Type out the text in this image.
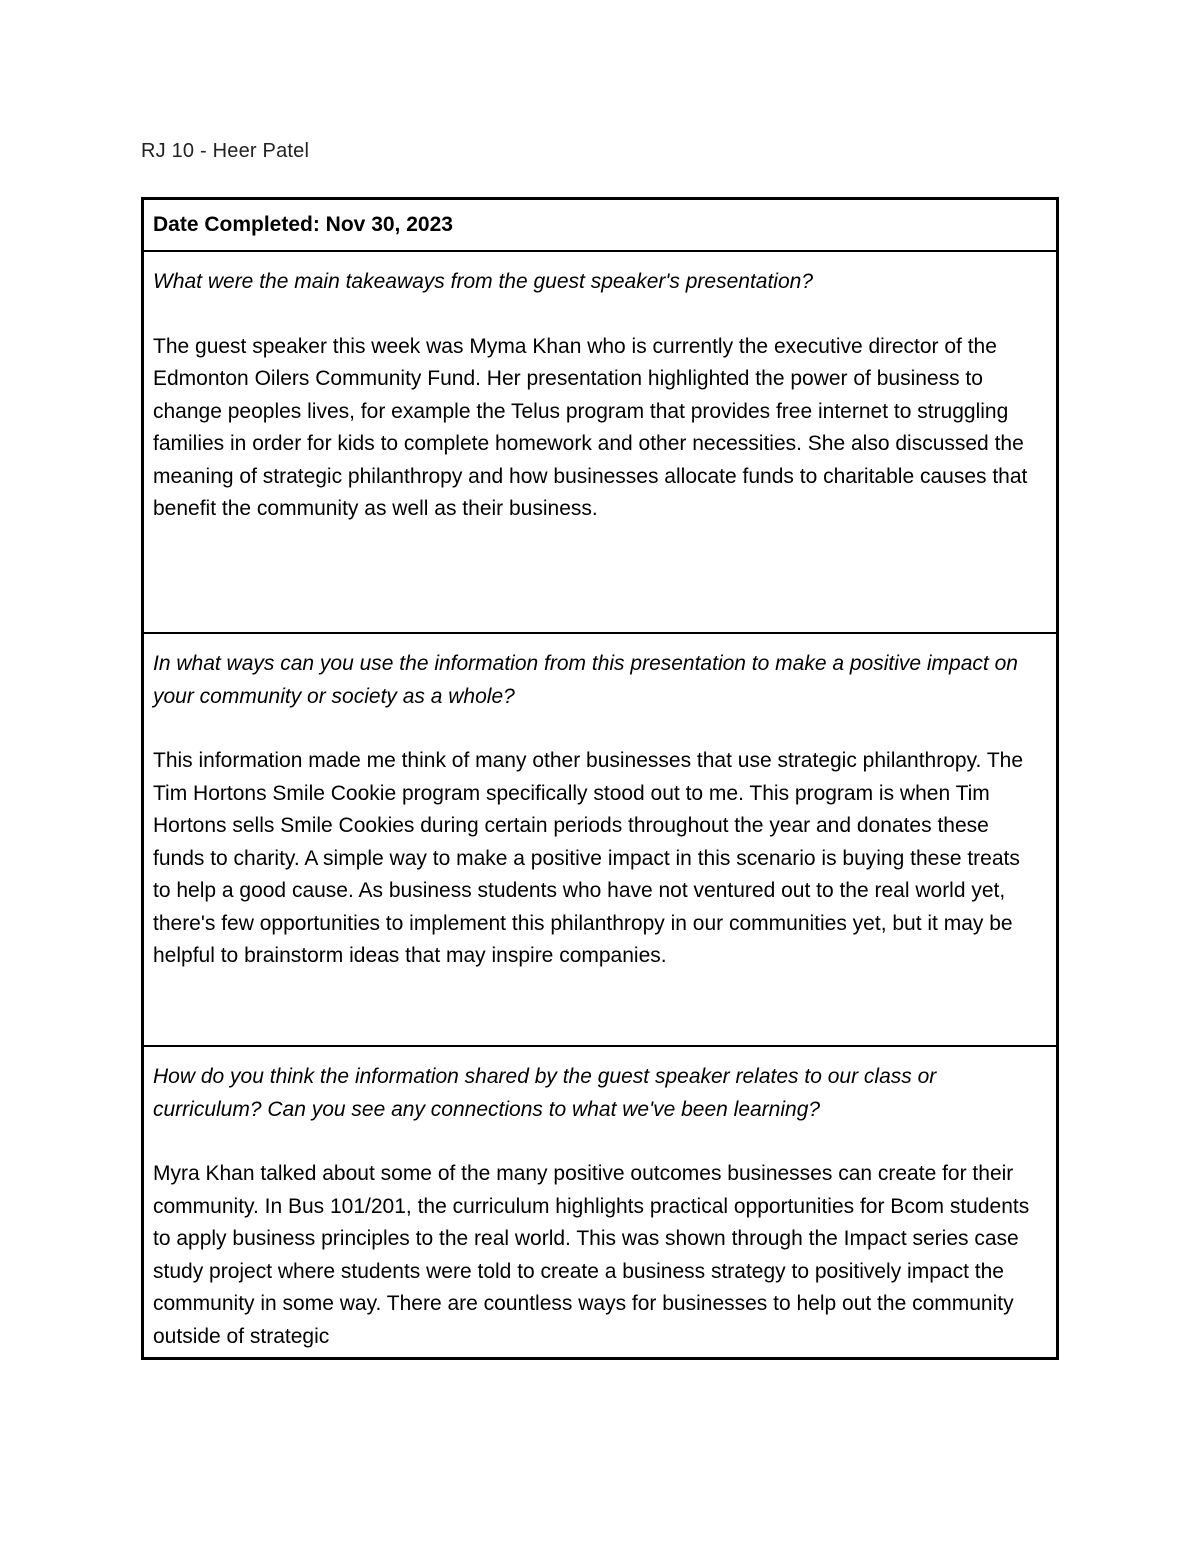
RJ 10 - Heer Patel
Date Completed: Nov 30, 2023

What were the main takeaways from the guest speaker's presentation?

The guest speaker this week was Myma Khan who is currently the executive director of the Edmonton Oilers Community Fund. Her presentation highlighted the power of business to change peoples lives, for example the Telus program that provides free internet to struggling families in order for kids to complete homework and other necessities. She also discussed the meaning of strategic philanthropy and how businesses allocate funds to charitable causes that benefit the community as well as their business.

In what ways can you use the information from this presentation to make a positive impact on your community or society as a whole?

This information made me think of many other businesses that use strategic philanthropy. The Tim Hortons Smile Cookie program specifically stood out to me. This program is when Tim Hortons sells Smile Cookies during certain periods throughout the year and donates these funds to charity. A simple way to make a positive impact in this scenario is buying these treats to help a good cause. As business students who have not ventured out to the real world yet, there's few opportunities to implement this philanthropy in our communities yet, but it may be helpful to brainstorm ideas that may inspire companies.

How do you think the information shared by the guest speaker relates to our class or curriculum? Can you see any connections to what we've been learning?

Myra Khan talked about some of the many positive outcomes businesses can create for their community. In Bus 101/201, the curriculum highlights practical opportunities for Bcom students to apply business principles to the real world. This was shown through the Impact series case study project where students were told to create a business strategy to positively impact the community in some way. There are countless ways for businesses to help out the community outside of strategic
